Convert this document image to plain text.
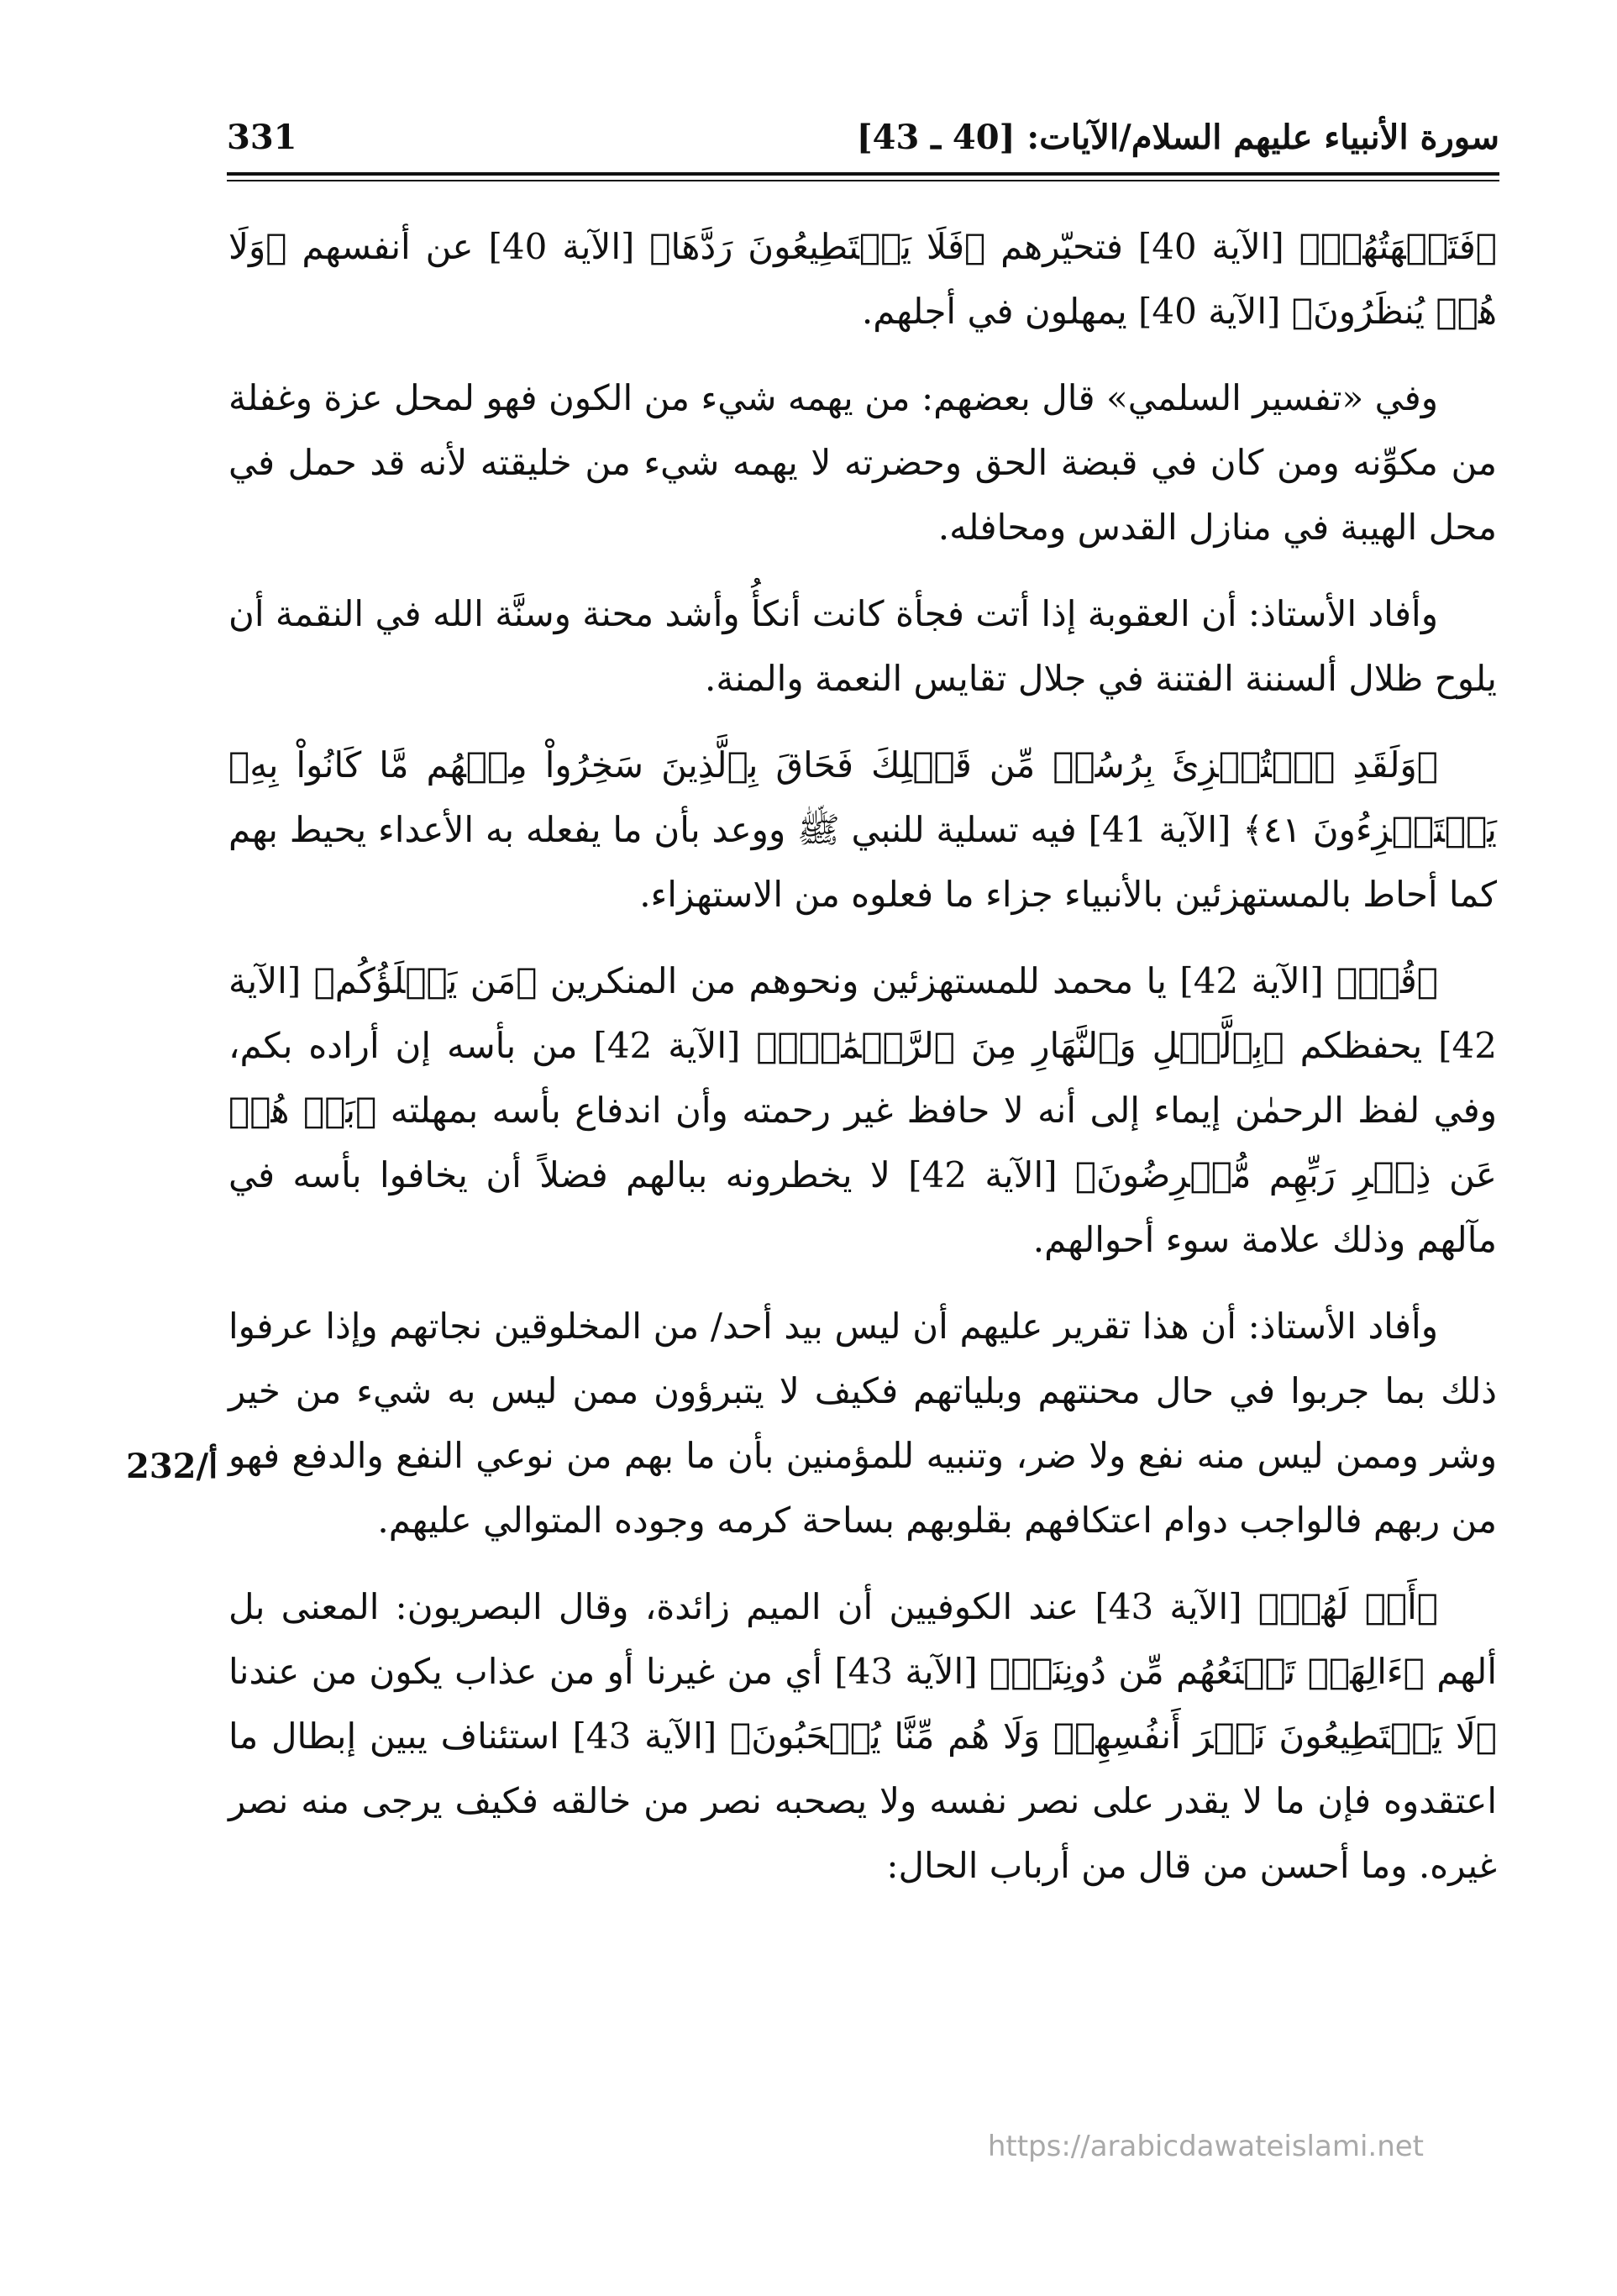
سورة الأنبياء عليهم السلام/الآيات: [40 ـ 43]
331
232/أ

﴿فَتَبۡهَتُهُمۡ﴾ [الآية 40] فتحيّرهم ﴿فَلَا يَسۡتَطِيعُونَ رَدَّهَا﴾ [الآية 40] عن أنفسهم ﴿وَلَا هُمۡ يُنظَرُونَ﴾ [الآية 40] يمهلون في أجلهم.

وفي «تفسير السلمي» قال بعضهم: من يهمه شيء من الكون فهو لمحل عزة وغفلة من مكوِّنه ومن كان في قبضة الحق وحضرته لا يهمه شيء من خليقته لأنه قد حمل في محل الهيبة في منازل القدس ومحافله.

وأفاد الأستاذ: أن العقوبة إذا أتت فجأة كانت أنكأُ وأشد محنة وسنَّة الله في النقمة أن يلوح ظلال ألسننة الفتنة في جلال تقايس النعمة والمنة.

﴿وَلَقَدِ ٱسۡتُهۡزِئَ بِرُسُلٖ مِّن قَبۡلِكَ فَحَاقَ بِٱلَّذِينَ سَخِرُواْ مِنۡهُم مَّا كَانُواْ بِهِۦ يَسۡتَهۡزِءُونَ ٤١﴾ [الآية 41] فيه تسلية للنبي ﷺ ووعد بأن ما يفعله به الأعداء يحيط بهم كما أحاط بالمستهزئين بالأنبياء جزاء ما فعلوه من الاستهزاء.

﴿قُلۡ﴾ [الآية 42] يا محمد للمستهزئين ونحوهم من المنكرين ﴿مَن يَكۡلَؤُكُم﴾ [الآية 42] يحفظكم ﴿بِٱلَّيۡلِ وَٱلنَّهَارِ مِنَ ٱلرَّحۡمَٰنِۚ﴾ [الآية 42] من بأسه إن أراده بكم، وفي لفظ الرحمٰن إيماء إلى أنه لا حافظ غير رحمته وأن اندفاع بأسه بمهلته ﴿بَلۡ هُمۡ عَن ذِكۡرِ رَبِّهِم مُّعۡرِضُونَ﴾ [الآية 42] لا يخطرونه ببالهم فضلاً أن يخافوا بأسه في مآلهم وذلك علامة سوء أحوالهم.

وأفاد الأستاذ: أن هذا تقرير عليهم أن ليس بيد أحد/ من المخلوقين نجاتهم وإذا عرفوا ذلك بما جربوا في حال محنتهم وبلياتهم فكيف لا يتبرؤون ممن ليس به شيء من خير وشر وممن ليس منه نفع ولا ضر، وتنبيه للمؤمنين بأن ما بهم من نوعي النفع والدفع فهو من ربهم فالواجب دوام اعتكافهم بقلوبهم بساحة كرمه وجوده المتوالي عليهم.

﴿أَمۡ لَهُمۡ﴾ [الآية 43] عند الكوفيين أن الميم زائدة، وقال البصريون: المعنى بل ألهم ﴿ءَالِهَةٞ تَمۡنَعُهُم مِّن دُونِنَاۚ﴾ [الآية 43] أي من غيرنا أو من عذاب يكون من عندنا ﴿لَا يَسۡتَطِيعُونَ نَصۡرَ أَنفُسِهِمۡ وَلَا هُم مِّنَّا يُصۡحَبُونَ﴾ [الآية 43] استئناف يبين إبطال ما اعتقدوه فإن ما لا يقدر على نصر نفسه ولا يصحبه نصر من خالقه فكيف يرجى منه نصر غيره. وما أحسن من قال من أرباب الحال:

https://arabicdawateislami.net
